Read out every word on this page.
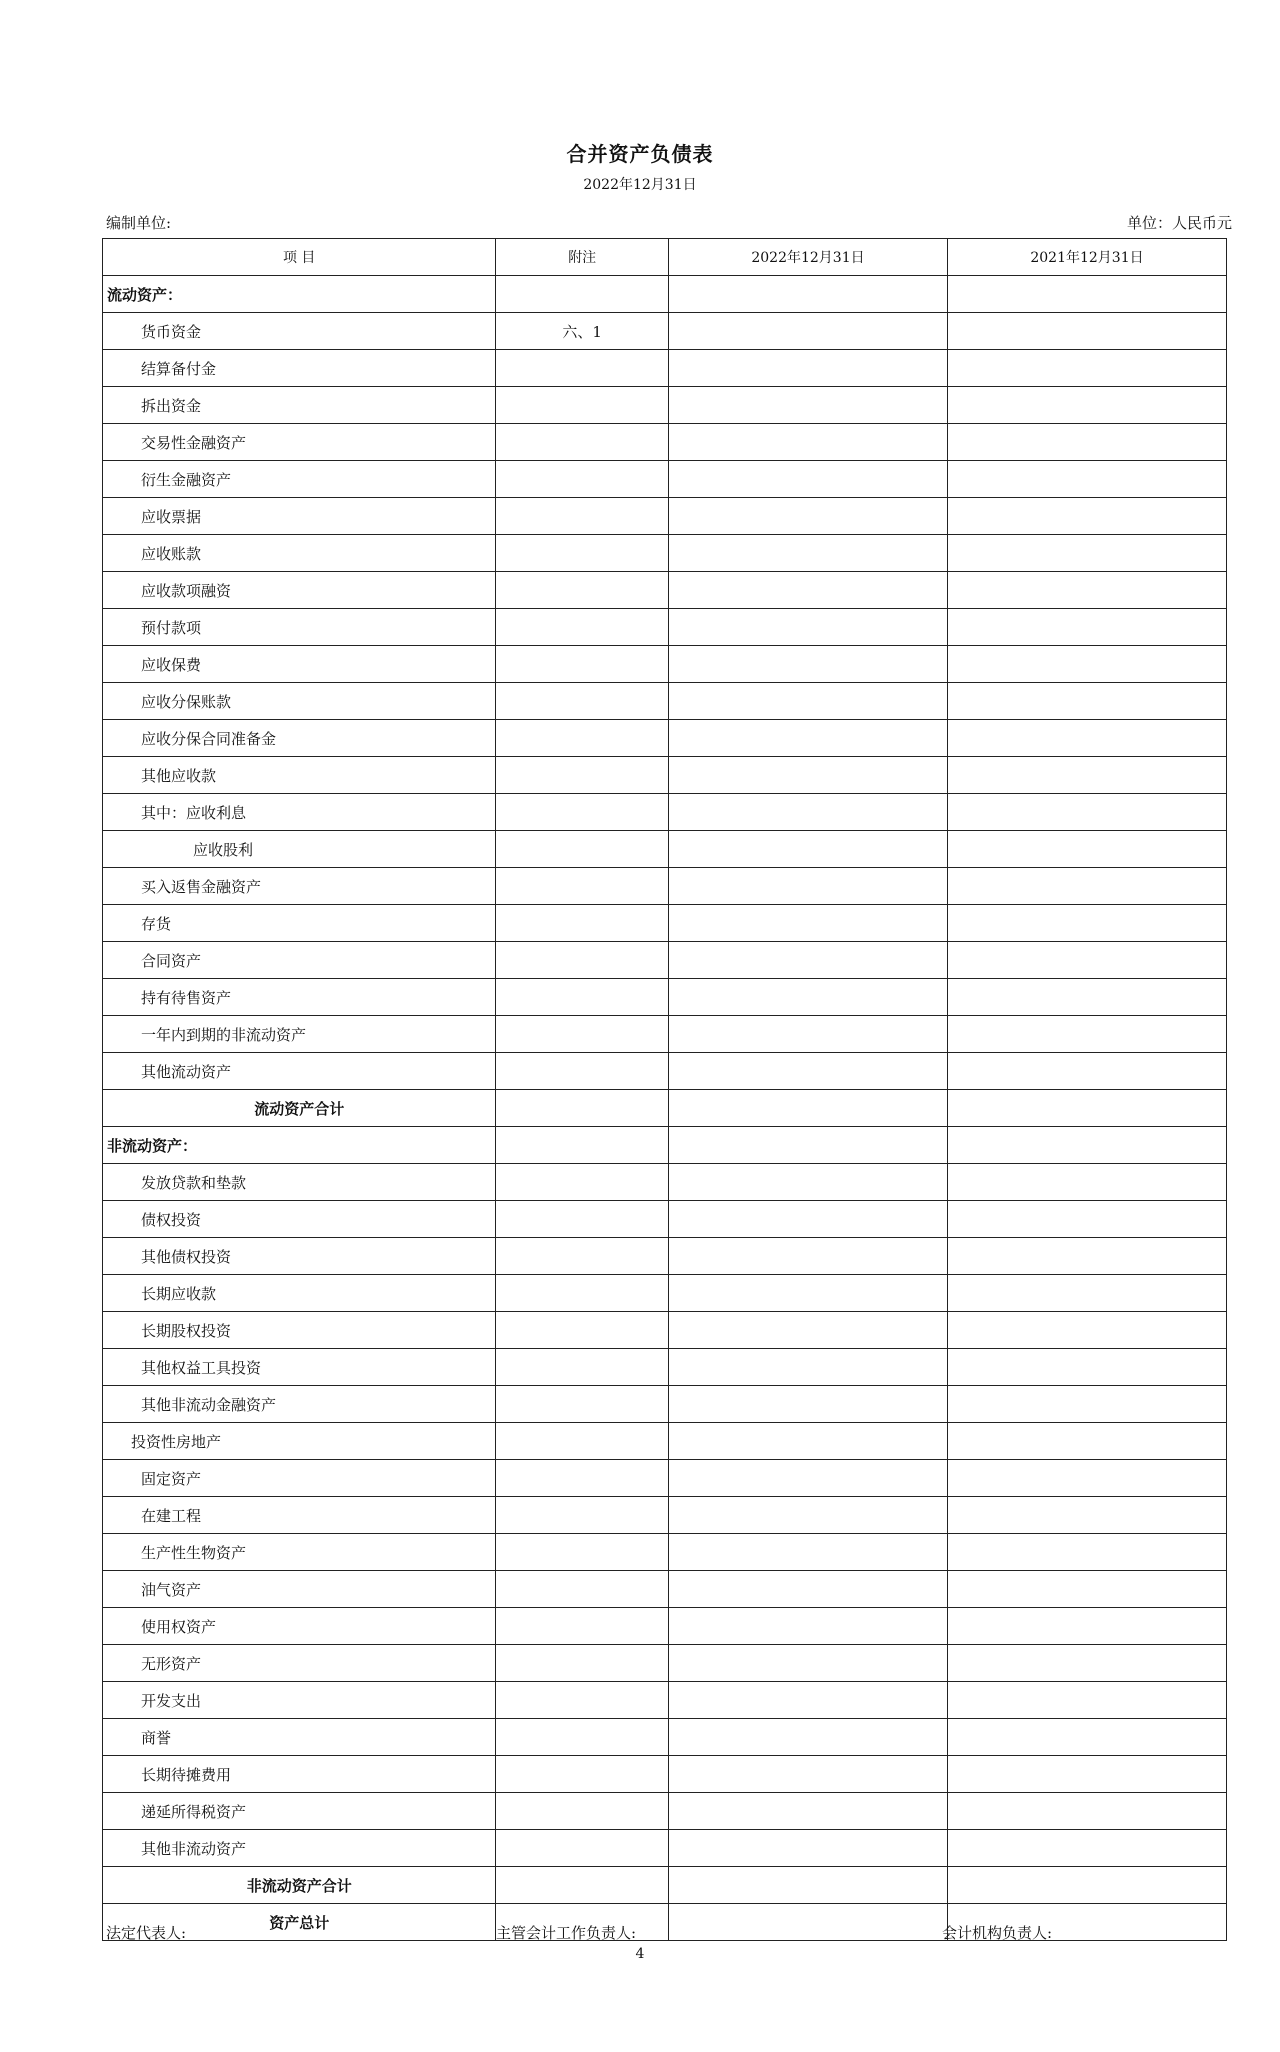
合并资产负债表
2022年12月31日
编制单位:	单位：人民币元
项 目	附注	2022年12月31日	2021年12月31日
流动资产：			
货币资金	六、1		
结算备付金			
拆出资金			
交易性金融资产			
衍生金融资产			
应收票据			
应收账款			
应收款项融资			
预付款项			
应收保费			
应收分保账款			
应收分保合同准备金			
其他应收款			
其中：应收利息			
应收股利			
买入返售金融资产			
存货			
合同资产			
持有待售资产			
一年内到期的非流动资产			
其他流动资产			
流动资产合计			
非流动资产：			
发放贷款和垫款			
债权投资			
其他债权投资			
长期应收款			
长期股权投资			
其他权益工具投资			
其他非流动金融资产			
投资性房地产			
固定资产			
在建工程			
生产性生物资产			
油气资产			
使用权资产			
无形资产			
开发支出			
商誉			
长期待摊费用			
递延所得税资产			
其他非流动资产			
非流动资产合计			
资产总计			
法定代表人:	主管会计工作负责人:	会计机构负责人:
4
